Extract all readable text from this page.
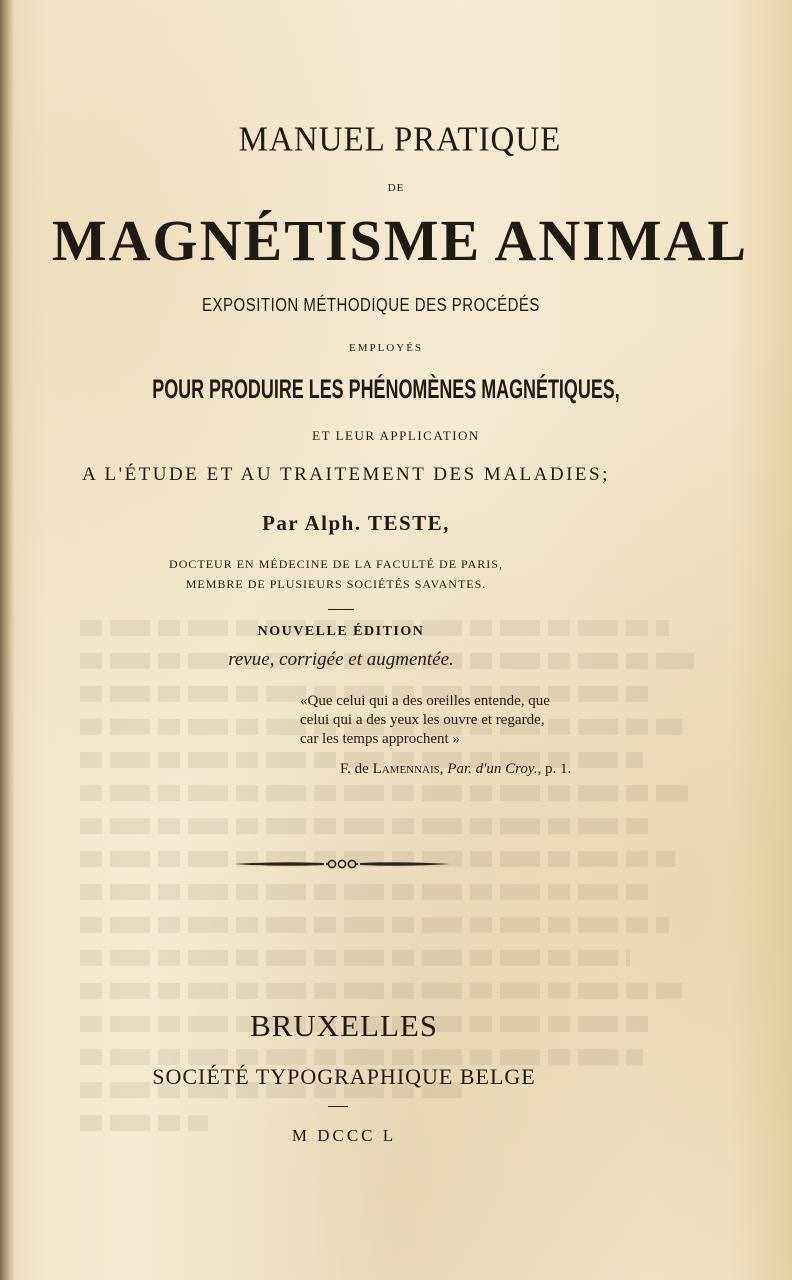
MANUEL PRATIQUE
DE
MAGNÉTISME ANIMAL
EXPOSITION MÉTHODIQUE DES PROCÉDÉS
EMPLOYÉS
POUR PRODUIRE LES PHÉNOMÈNES MAGNÉTIQUES,
ET LEUR APPLICATION
A L'ÉTUDE ET AU TRAITEMENT DES MALADIES;
Par Alph. TESTE,
DOCTEUR EN MÉDECINE DE LA FACULTÉ DE PARIS,
MEMBRE DE PLUSIEURS SOCIÉTÉS SAVANTES.
NOUVELLE ÉDITION
revue, corrigée et augmentée.
«Que celui qui a des oreilles entende, que
celui qui a des yeux les ouvre et regarde,
car les temps approchent »
F. de Lamennais, Par. d'un Croy., p. 1.
BRUXELLES
SOCIÉTÉ TYPOGRAPHIQUE BELGE
M DCCC L
